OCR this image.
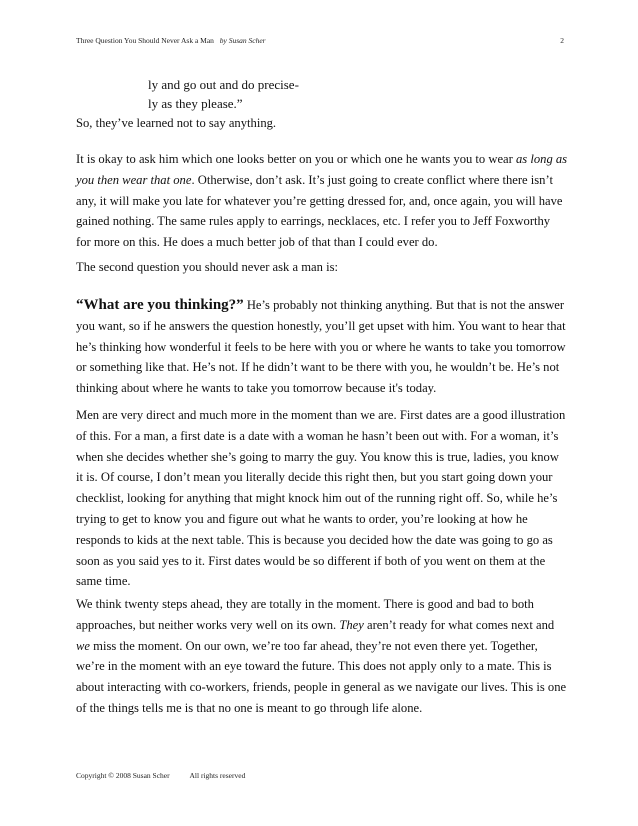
Three Question You Should Never Ask a Man by Susan Scher	2
ly and go out and do precise-
ly as they please.”
So, they’ve learned not to say anything.
It is okay to ask him which one looks better on you or which one he wants you to wear as long as
you then wear that one. Otherwise, don’t ask. It’s just going to create conflict where there isn’t
any, it will make you late for whatever you’re getting dressed for, and, once again, you will have
gained nothing. The same rules apply to earrings, necklaces, etc. I refer you to Jeff Foxworthy
for more on this. He does a much better job of that than I could ever do.
The second question you should never ask a man is:
“What are you thinking?” He’s probably not thinking anything. But that is not the answer
you want, so if he answers the question honestly, you’ll get upset with him. You want to hear that
he’s thinking how wonderful it feels to be here with you or where he wants to take you tomorrow
or something like that. He’s not. If he didn’t want to be there with you, he wouldn’t be. He’s not
thinking about where he wants to take you tomorrow because it's today.
Men are very direct and much more in the moment than we are. First dates are a good illustration
of this. For a man, a first date is a date with a woman he hasn’t been out with. For a woman, it’s
when she decides whether she’s going to marry the guy. You know this is true, ladies, you know
it is. Of course, I don’t mean you literally decide this right then, but you start going down your
checklist, looking for anything that might knock him out of the running right off. So, while he’s
trying to get to know you and figure out what he wants to order, you’re looking at how he
responds to kids at the next table. This is because you decided how the date was going to go as
soon as you said yes to it. First dates would be so different if both of you went on them at the
same time.
We think twenty steps ahead, they are totally in the moment. There is good and bad to both
approaches, but neither works very well on its own. They aren’t ready for what comes next and
we miss the moment. On our own, we’re too far ahead, they’re not even there yet. Together,
we’re in the moment with an eye toward the future. This does not apply only to a mate. This is
about interacting with co-workers, friends, people in general as we navigate our lives. This is one
of the things tells me is that no one is meant to go through life alone.
Copyright © 2008 Susan Scher	All rights reserved
